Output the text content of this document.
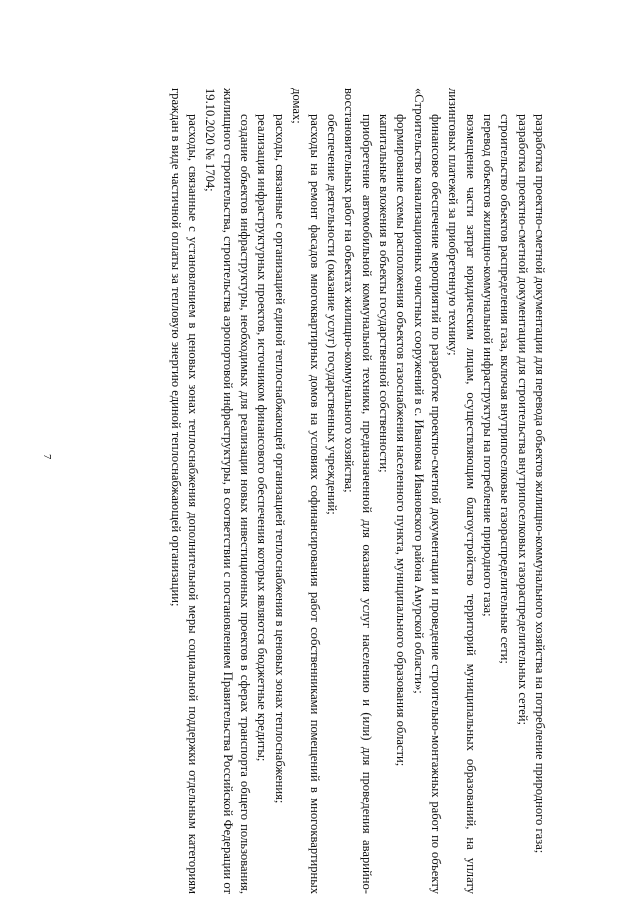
7	разработка проектно-сметной документации для перевода объектов жилищно-коммунального хозяйства на потребление природного газа;

разработка проектно-сметной документации для строительства внутрипоселковых газораспределительных сетей;

строительство объектов распределения газа, включая внутрипоселковые газораспределительные сети;

перевод объектов жилищно-коммунальной инфраструктуры на потребление природного газа;

возмещение части затрат юридическим лицам, осуществляющим благоустройство территорий муниципальных образований, на уплату лизинговых платежей за приобретенную технику;

финансовое обеспечение мероприятий по разработке проектно-сметной документации и проведение строительно-монтажных работ по объекту «Строительство канализационных очистных сооружений в с. Ивановка Ивановского района Амурской области»;

формирование схемы расположения объектов газоснабжения населенного пункта, муниципального образования области;

капитальные вложения в объекты государственной собственности;

приобретение автомобильной коммунальной техники, предназначенной для оказания услуг населению и (или) для проведения аварийно-восстановительных работ на объектах жилищно-коммунального хозяйства;

обеспечение деятельности (оказание услуг) государственных учреждений;

расходы на ремонт фасадов многоквартирных домов на условиях софинансирования работ собственниками помещений в многоквартирных домах;

расходы, связанные с организацией единой теплоснабжающей организацией теплоснабжения в ценовых зонах теплоснабжения;

реализация инфраструктурных проектов, источником финансового обеспечения которых являются бюджетные кредиты;

создание объектов инфраструктуры, необходимых для реализации новых инвестиционных проектов в сферах транспорта общего пользования, жилищного строительства, строительства аэропортовой инфраструктуры, в соответствии с постановлением Правительства Российской Федерации от 19.10.2020 № 1704;

расходы, связанные с установлением в ценовых зонах теплоснабжения дополнительной меры социальной поддержки отдельным категориям граждан в виде частичной оплаты за тепловую энергию единой теплоснабжающей организации;
